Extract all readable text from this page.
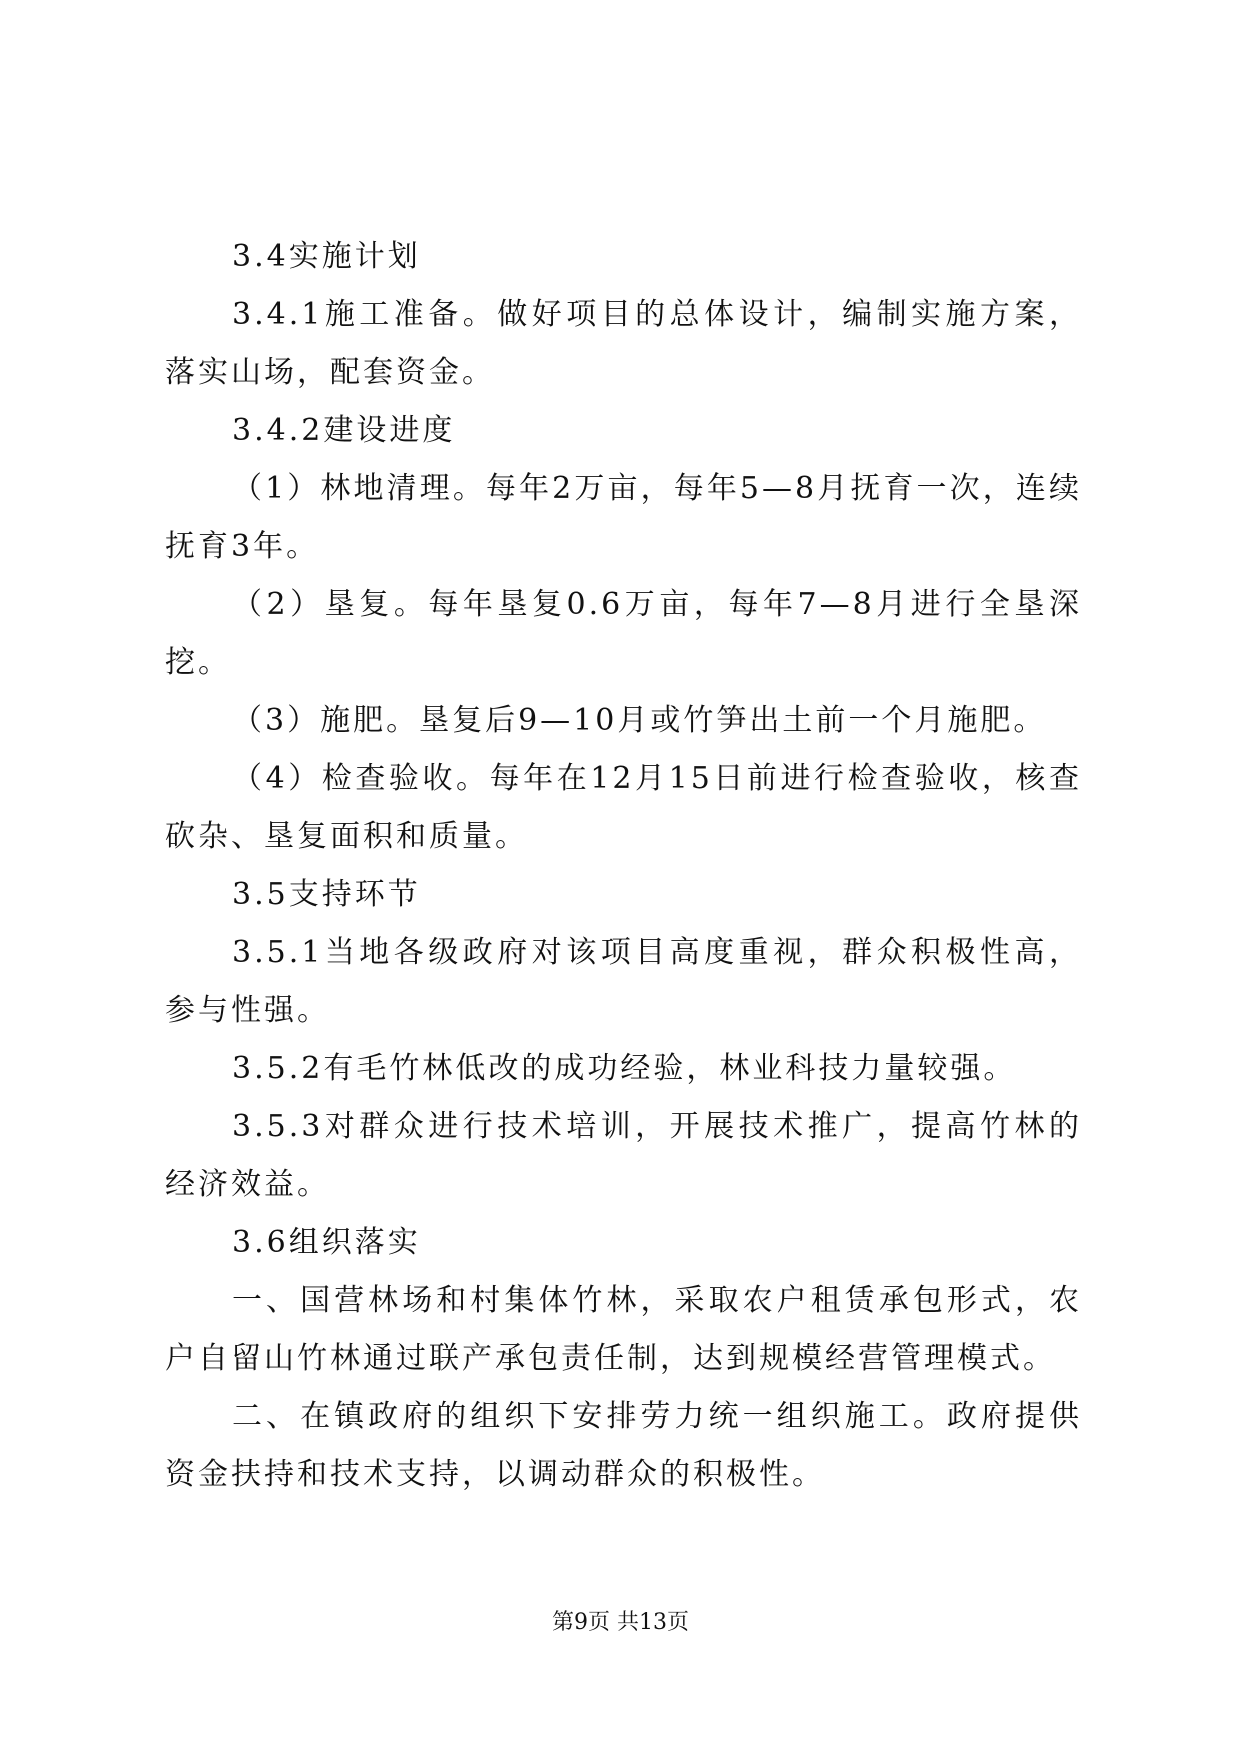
3.4实施计划

3.4.1施工准备。做好项目的总体设计，编制实施方案，落实山场，配套资金。

3.4.2建设进度

（1）林地清理。每年2万亩，每年5—8月抚育一次，连续抚育3年。

（2）垦复。每年垦复0.6万亩，每年7—8月进行全垦深挖。

（3）施肥。垦复后9—10月或竹笋出土前一个月施肥。

（4）检查验收。每年在12月15日前进行检查验收，核查砍杂、垦复面积和质量。

3.5支持环节

3.5.1当地各级政府对该项目高度重视，群众积极性高，参与性强。

3.5.2有毛竹林低改的成功经验，林业科技力量较强。

3.5.3对群众进行技术培训，开展技术推广，提高竹林的经济效益。

3.6组织落实

一、国营林场和村集体竹林，采取农户租赁承包形式，农户自留山竹林通过联产承包责任制，达到规模经营管理模式。

二、在镇政府的组织下安排劳力统一组织施工。政府提供资金扶持和技术支持，以调动群众的积极性。

第9页 共13页
